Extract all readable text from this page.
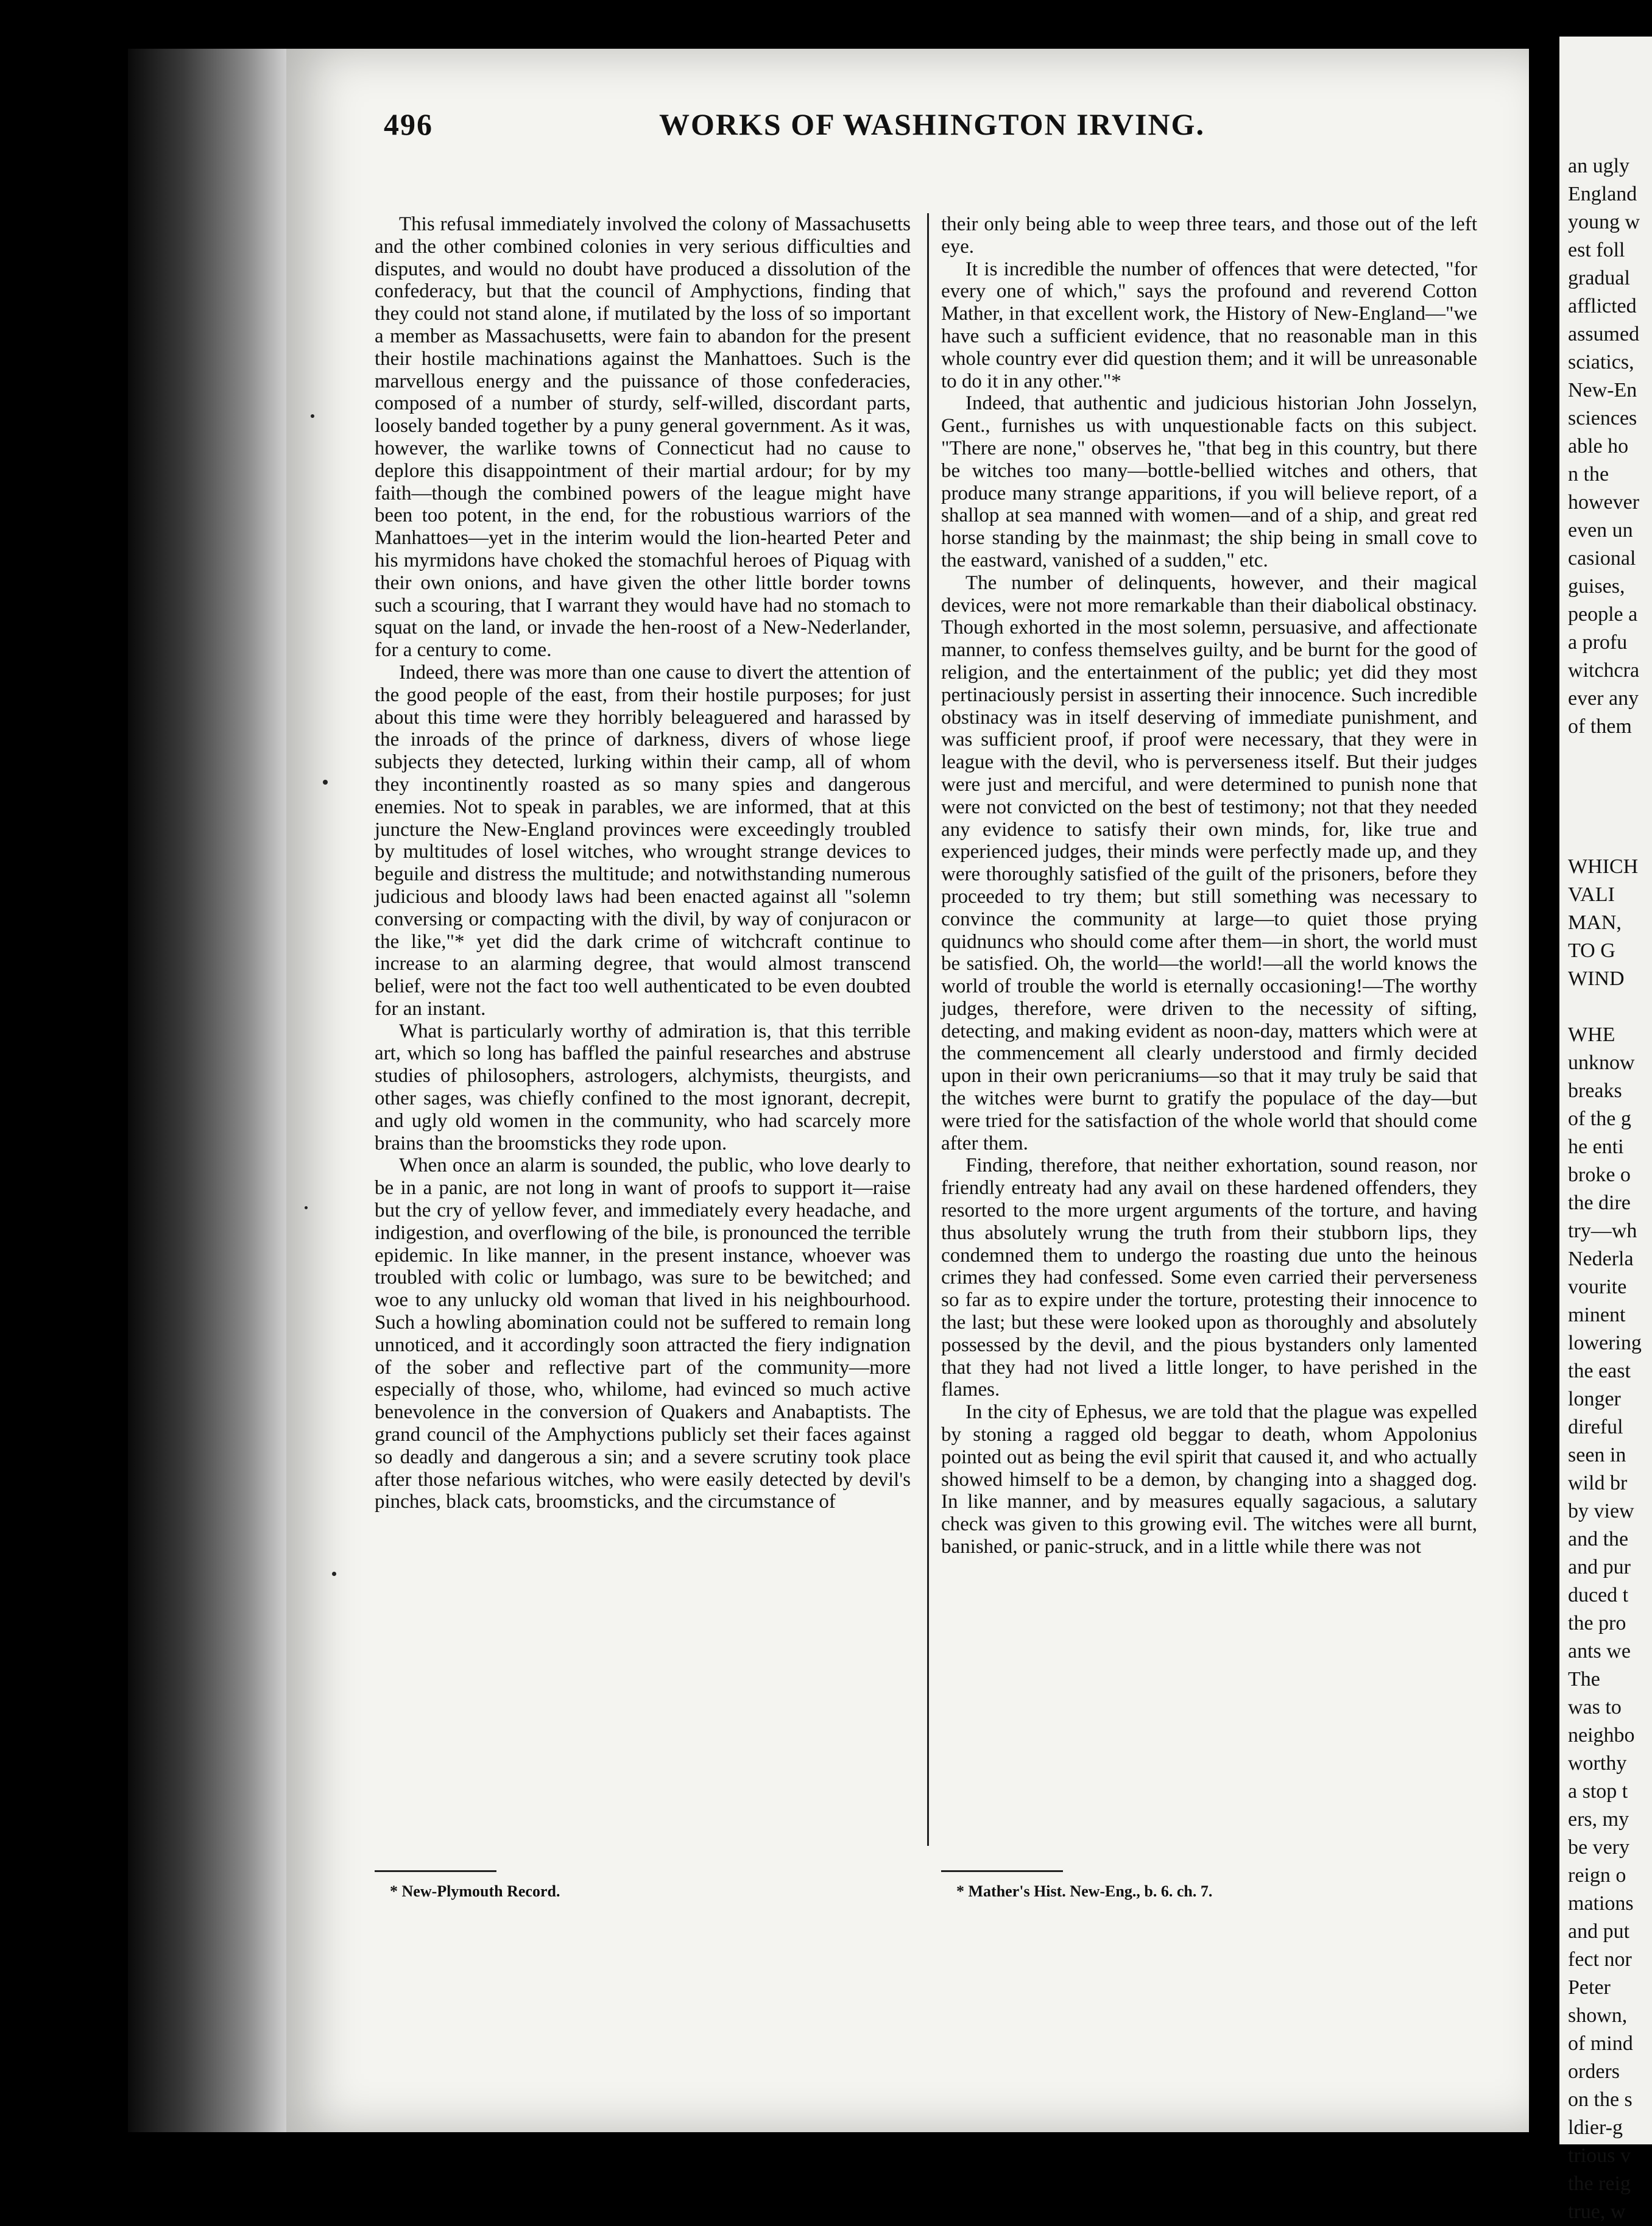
496	WORKS OF WASHINGTON IRVING.

This refusal immediately involved the colony of Massachusetts and the other combined colonies in very serious difficulties and disputes, and would no doubt have produced a dissolution of the confederacy, but that the council of Amphyctions, finding that they could not stand alone, if mutilated by the loss of so important a member as Massachusetts, were fain to abandon for the present their hostile machinations against the Manhattoes. Such is the marvellous energy and the puissance of those confederacies, composed of a number of sturdy, self-willed, discordant parts, loosely banded together by a puny general government. As it was, however, the warlike towns of Connecticut had no cause to deplore this disappointment of their martial ardour; for by my faith—though the combined powers of the league might have been too potent, in the end, for the robustious warriors of the Manhattoes—yet in the interim would the lion-hearted Peter and his myrmidons have choked the stomachful heroes of Piquag with their own onions, and have given the other little border towns such a scouring, that I warrant they would have had no stomach to squat on the land, or invade the hen-roost of a New-Nederlander, for a century to come.

Indeed, there was more than one cause to divert the attention of the good people of the east, from their hostile purposes; for just about this time were they horribly beleaguered and harassed by the inroads of the prince of darkness, divers of whose liege subjects they detected, lurking within their camp, all of whom they incontinently roasted as so many spies and dangerous enemies. Not to speak in parables, we are informed, that at this juncture the New-England provinces were exceedingly troubled by multitudes of losel witches, who wrought strange devices to beguile and distress the multitude; and notwithstanding numerous judicious and bloody laws had been enacted against all "solemn conversing or compacting with the divil, by way of conjuracon or the like,"* yet did the dark crime of witchcraft continue to increase to an alarming degree, that would almost transcend belief, were not the fact too well authenticated to be even doubted for an instant.

What is particularly worthy of admiration is, that this terrible art, which so long has baffled the painful researches and abstruse studies of philosophers, astrologers, alchymists, theurgists, and other sages, was chiefly confined to the most ignorant, decrepit, and ugly old women in the community, who had scarcely more brains than the broomsticks they rode upon.

When once an alarm is sounded, the public, who love dearly to be in a panic, are not long in want of proofs to support it—raise but the cry of yellow fever, and immediately every headache, and indigestion, and overflowing of the bile, is pronounced the terrible epidemic. In like manner, in the present instance, whoever was troubled with colic or lumbago, was sure to be bewitched; and woe to any unlucky old woman that lived in his neighbourhood. Such a howling abomination could not be suffered to remain long unnoticed, and it accordingly soon attracted the fiery indignation of the sober and reflective part of the community—more especially of those, who, whilome, had evinced so much active benevolence in the conversion of Quakers and Anabaptists. The grand council of the Amphyctions publicly set their faces against so deadly and dangerous a sin; and a severe scrutiny took place after those nefarious witches, who were easily detected by devil's pinches, black cats, broomsticks, and the circumstance of

their only being able to weep three tears, and those out of the left eye.

It is incredible the number of offences that were detected, "for every one of which," says the profound and reverend Cotton Mather, in that excellent work, the History of New-England—"we have such a sufficient evidence, that no reasonable man in this whole country ever did question them; and it will be unreasonable to do it in any other."*

Indeed, that authentic and judicious historian John Josselyn, Gent., furnishes us with unquestionable facts on this subject. "There are none," observes he, "that beg in this country, but there be witches too many—bottle-bellied witches and others, that produce many strange apparitions, if you will believe report, of a shallop at sea manned with women—and of a ship, and great red horse standing by the mainmast; the ship being in small cove to the eastward, vanished of a sudden," etc.

The number of delinquents, however, and their magical devices, were not more remarkable than their diabolical obstinacy. Though exhorted in the most solemn, persuasive, and affectionate manner, to confess themselves guilty, and be burnt for the good of religion, and the entertainment of the public; yet did they most pertinaciously persist in asserting their innocence. Such incredible obstinacy was in itself deserving of immediate punishment, and was sufficient proof, if proof were necessary, that they were in league with the devil, who is perverseness itself. But their judges were just and merciful, and were determined to punish none that were not convicted on the best of testimony; not that they needed any evidence to satisfy their own minds, for, like true and experienced judges, their minds were perfectly made up, and they were thoroughly satisfied of the guilt of the prisoners, before they proceeded to try them; but still something was necessary to convince the community at large—to quiet those prying quidnuncs who should come after them—in short, the world must be satisfied. Oh, the world—the world!—all the world knows the world of trouble the world is eternally occasioning!—The worthy judges, therefore, were driven to the necessity of sifting, detecting, and making evident as noon-day, matters which were at the commencement all clearly understood and firmly decided upon in their own pericraniums—so that it may truly be said that the witches were burnt to gratify the populace of the day—but were tried for the satisfaction of the whole world that should come after them.

Finding, therefore, that neither exhortation, sound reason, nor friendly entreaty had any avail on these hardened offenders, they resorted to the more urgent arguments of the torture, and having thus absolutely wrung the truth from their stubborn lips, they condemned them to undergo the roasting due unto the heinous crimes they had confessed. Some even carried their perverseness so far as to expire under the torture, protesting their innocence to the last; but these were looked upon as thoroughly and absolutely possessed by the devil, and the pious bystanders only lamented that they had not lived a little longer, to have perished in the flames.

In the city of Ephesus, we are told that the plague was expelled by stoning a ragged old beggar to death, whom Appolonius pointed out as being the evil spirit that caused it, and who actually showed himself to be a demon, by changing into a shagged dog. In like manner, and by measures equally sagacious, a salutary check was given to this growing evil. The witches were all burnt, banished, or panic-struck, and in a little while there was not

* New-Plymouth Record.	* Mather's Hist. New-Eng., b. 6. ch. 7.
an ugly
England
young w
est foll
gradual
afflicted
assumed
sciatics,
New-En
sciences
able ho
n the
however
even un
casional
guises,
people a
a profu
witchcra
ever any
of them

WHICH
VALI
MAN,
TO G
WIND

WHE
unknow
breaks
of the g
he enti
broke o
the dire
try—wh
Nederla
vourite
minent
lowering
the east
longer
direful
seen in
wild br
by view
and the
and pur
duced t
the pro
ants we
The
was to
neighbo
worthy
a stop t
ers, my
be very
reign o
mations
and put
fect nor
Peter
shown,
of mind
orders
on the s
ldier-g
trious v
the reig
true, w
